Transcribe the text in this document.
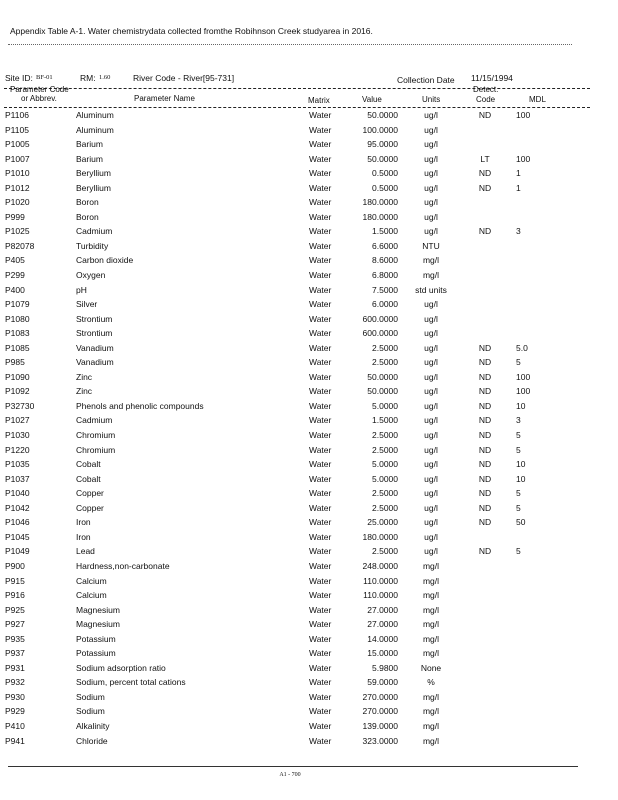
Appendix Table A-1. Water chemistrydata collected fromthe Robihnson Creek studyarea in 2016.
Site ID: BF-01	RM: 1.60	River Code - River[95-731]	Collection Date 11/15/1994
Parameter Code
or Abbrev.	Parameter Name	Matrix	Value	Units
Detect.
Code	MDL
P1106	Aluminum	Water	50.0000	ug/l	ND	100
P1105	Aluminum	Water	100.0000	ug/l
P1005	Barium	Water	95.0000	ug/l
P1007	Barium	Water	50.0000	ug/l	LT	100
P1010	Beryllium	Water	0.5000	ug/l	ND	1
P1012	Beryllium	Water	0.5000	ug/l	ND	1
P1020	Boron	Water	180.0000	ug/l
P999	Boron	Water	180.0000	ug/l
P1025	Cadmium	Water	1.5000	ug/l	ND	3
P82078	Turbidity	Water	6.6000	NTU
P405	Carbon dioxide	Water	8.6000	mg/l
P299	Oxygen	Water	6.8000	mg/l
P400	pH	Water	7.5000	std units
P1079	Silver	Water	6.0000	ug/l
P1080	Strontium	Water	600.0000	ug/l
P1083	Strontium	Water	600.0000	ug/l
P1085	Vanadium	Water	2.5000	ug/l	ND	5.0
P985	Vanadium	Water	2.5000	ug/l	ND	5
P1090	Zinc	Water	50.0000	ug/l	ND	100
P1092	Zinc	Water	50.0000	ug/l	ND	100
P32730	Phenols and phenolic compounds	Water	5.0000	ug/l	ND	10
P1027	Cadmium	Water	1.5000	ug/l	ND	3
P1030	Chromium	Water	2.5000	ug/l	ND	5
P1220	Chromium	Water	2.5000	ug/l	ND	5
P1035	Cobalt	Water	5.0000	ug/l	ND	10
P1037	Cobalt	Water	5.0000	ug/l	ND	10
P1040	Copper	Water	2.5000	ug/l	ND	5
P1042	Copper	Water	2.5000	ug/l	ND	5
P1046	Iron	Water	25.0000	ug/l	ND	50
P1045	Iron	Water	180.0000	ug/l
P1049	Lead	Water	2.5000	ug/l	ND	5
P900	Hardness,non-carbonate	Water	248.0000	mg/l
P915	Calcium	Water	110.0000	mg/l
P916	Calcium	Water	110.0000	mg/l
P925	Magnesium	Water	27.0000	mg/l
P927	Magnesium	Water	27.0000	mg/l
P935	Potassium	Water	14.0000	mg/l
P937	Potassium	Water	15.0000	mg/l
P931	Sodium adsorption ratio	Water	5.9800	None
P932	Sodium, percent total cations	Water	59.0000	%
P930	Sodium	Water	270.0000	mg/l
P929	Sodium	Water	270.0000	mg/l
P410	Alkalinity	Water	139.0000	mg/l
P941	Chloride	Water	323.0000	mg/l
A1 - 700
